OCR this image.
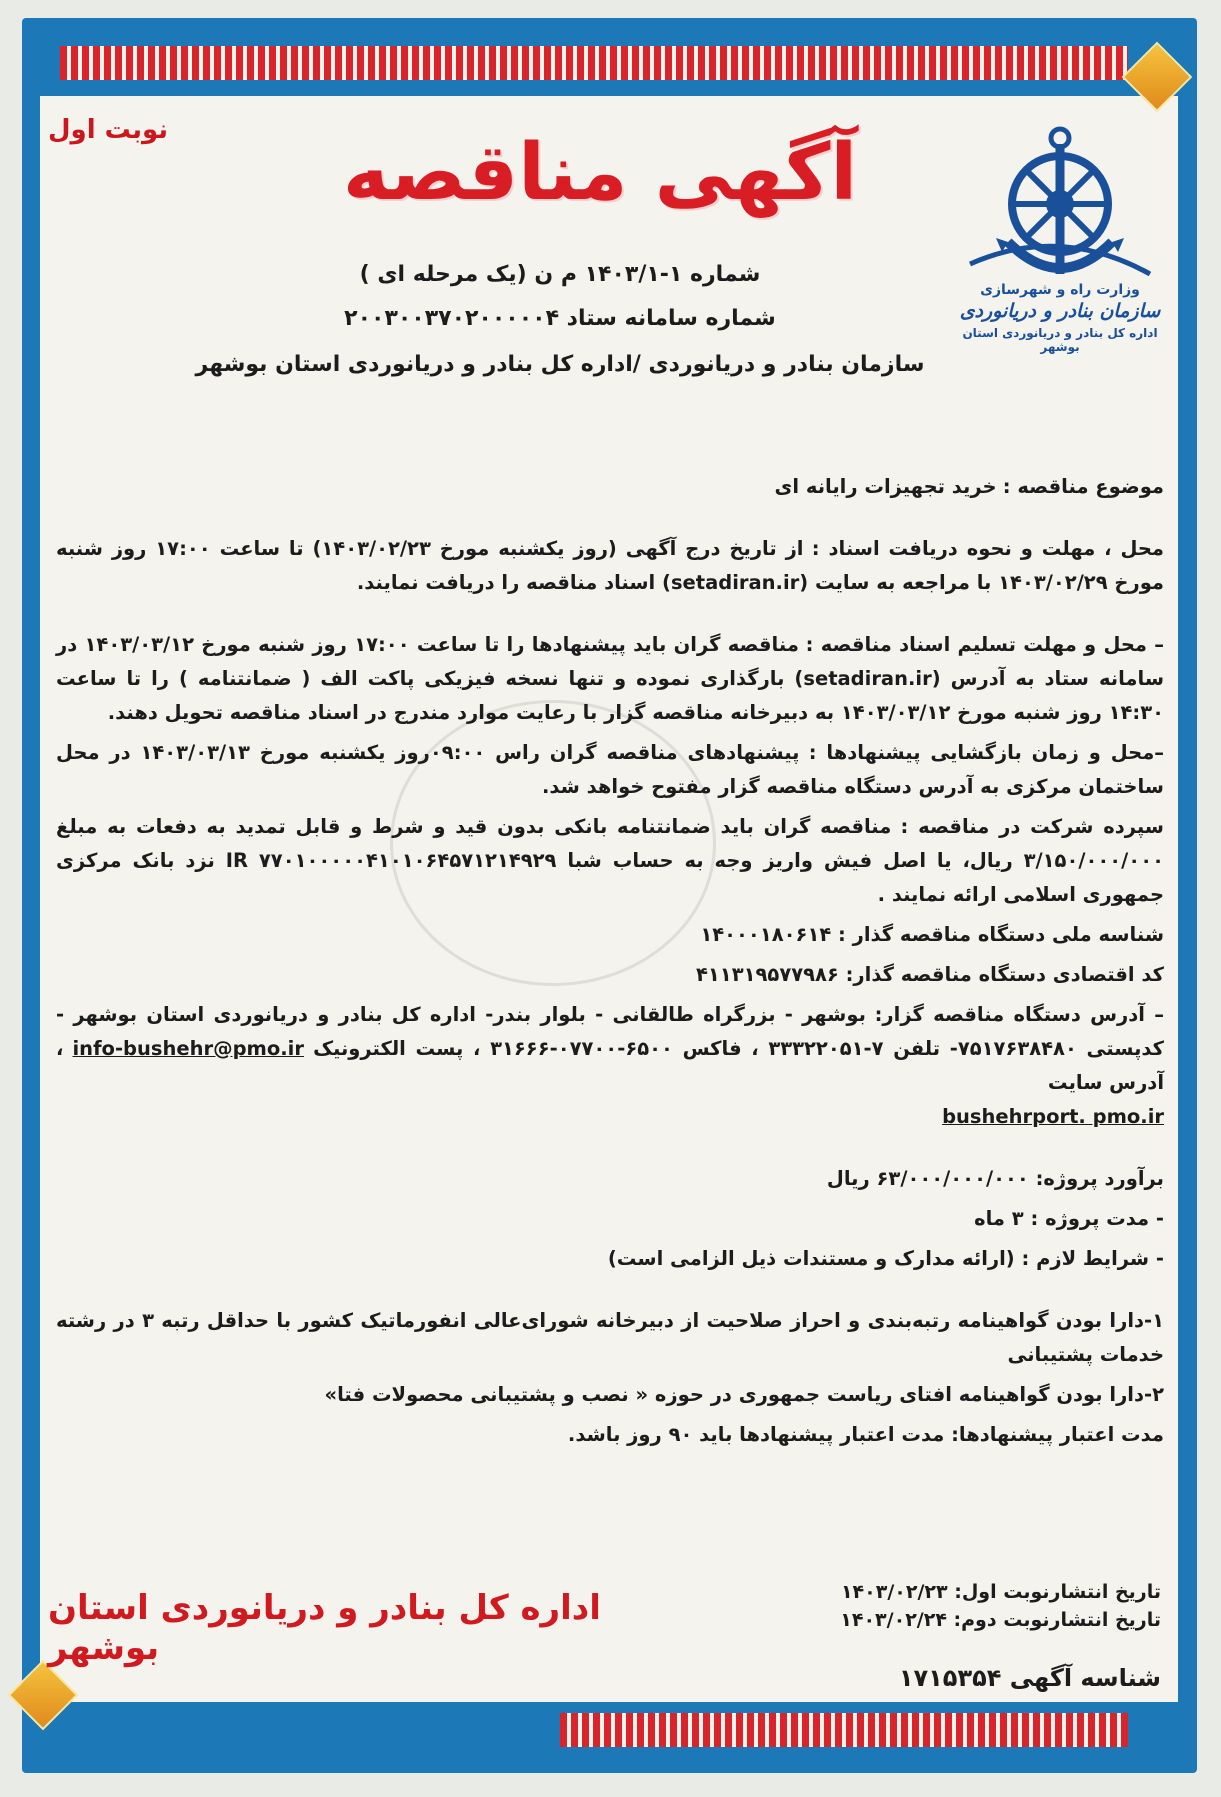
نوبت اول	آگهی مناقصه
وزارت راه و شهرسازی
سازمان بنادر و دریانوردی
اداره کل بنادر و دریانوردی استان بوشهر
شماره ۱-۱۴۰۳/۱ م ن (یک مرحله ای )
شماره سامانه ستاد ۲۰۰۳۰۰۳۷۰۲۰۰۰۰۰۴
سازمان بنادر و دریانوردی /اداره کل بنادر و دریانوردی استان بوشهر

موضوع مناقصه : خرید تجهیزات رایانه ای

محل ، مهلت و نحوه دریافت اسناد : از تاریخ درج آگهی (روز یکشنبه مورخ ۱۴۰۳/۰۲/۲۳) تا ساعت ۱۷:۰۰ روز شنبه مورخ ۱۴۰۳/۰۲/۲۹ با مراجعه به سایت (setadiran.ir) اسناد مناقصه را دریافت نمایند.

– محل و مهلت تسلیم اسناد مناقصه : مناقصه گران باید پیشنهادها را تا ساعت ۱۷:۰۰ روز شنبه مورخ ۱۴۰۳/۰۳/۱۲ در سامانه ستاد به آدرس (setadiran.ir) بارگذاری نموده و تنها نسخه فیزیکی پاکت الف ( ضمانتنامه ) را تا ساعت ۱۴:۳۰ روز شنبه مورخ ۱۴۰۳/۰۳/۱۲ به دبیرخانه مناقصه گزار با رعایت موارد مندرج در اسناد مناقصه تحویل دهند.

–محل و زمان بازگشایی پیشنهادها : پیشنهادهای مناقصه گران راس ۰۹:۰۰روز یکشنبه مورخ ۱۴۰۳/۰۳/۱۳ در محل ساختمان مرکزی به آدرس دستگاه مناقصه گزار مفتوح خواهد شد.

سپرده شرکت در مناقصه : مناقصه گران باید ضمانتنامه بانکی بدون قید و شرط و قابل تمدید به دفعات به مبلغ ۳/۱۵۰/۰۰۰/۰۰۰ ریال، یا اصل فیش واریز وجه به حساب شبا IR ۷۷۰۱۰۰۰۰۰۴۱۰۱۰۶۴۵۷۱۲۱۴۹۲۹ نزد بانک مرکزی جمهوری اسلامی ارائه نمایند .

شناسه ملی دستگاه مناقصه گذار : ۱۴۰۰۰۱۸۰۶۱۴

کد اقتصادی دستگاه مناقصه گذار: ۴۱۱۳۱۹۵۷۷۹۸۶

– آدرس دستگاه مناقصه گزار: بوشهر - بزرگراه طالقانی - بلوار بندر- اداره کل بنادر و دریانوردی استان بوشهر - کدپستی ۷۵۱۷۶۳۸۴۸۰- تلفن ۷-۳۳۳۲۲۰۵۱ ، فاکس ۶۵۰۰-۰۷۷۰۰-۳۱۶۶۶ ، پست الکترونیک info-bushehr@pmo.ir ، آدرس سایت
bushehrport. pmo.ir

برآورد پروژه: ۶۳/۰۰۰/۰۰۰/۰۰۰ ریال

- مدت پروژه : ۳ ماه

- شرایط لازم : (ارائه مدارک و مستندات ذیل الزامی است)

۱-دارا بودن گواهینامه رتبه‌بندی و احراز صلاحیت از دبیرخانه شورای‌عالی انفورماتیک کشور با حداقل رتبه ۳ در رشته خدمات پشتیبانی

۲-دارا بودن گواهینامه افتای ریاست جمهوری در حوزه « نصب و پشتیبانی محصولات فتا»

مدت اعتبار پیشنهادها: مدت اعتبار پیشنهادها باید ۹۰ روز باشد.

اداره کل بنادر و دریانوردی استان بوشهر
تاریخ انتشارنوبت اول: ۱۴۰۳/۰۲/۲۳
تاریخ انتشارنوبت دوم: ۱۴۰۳/۰۲/۲۴
شناسه آگهی ۱۷۱۵۳۵۴
